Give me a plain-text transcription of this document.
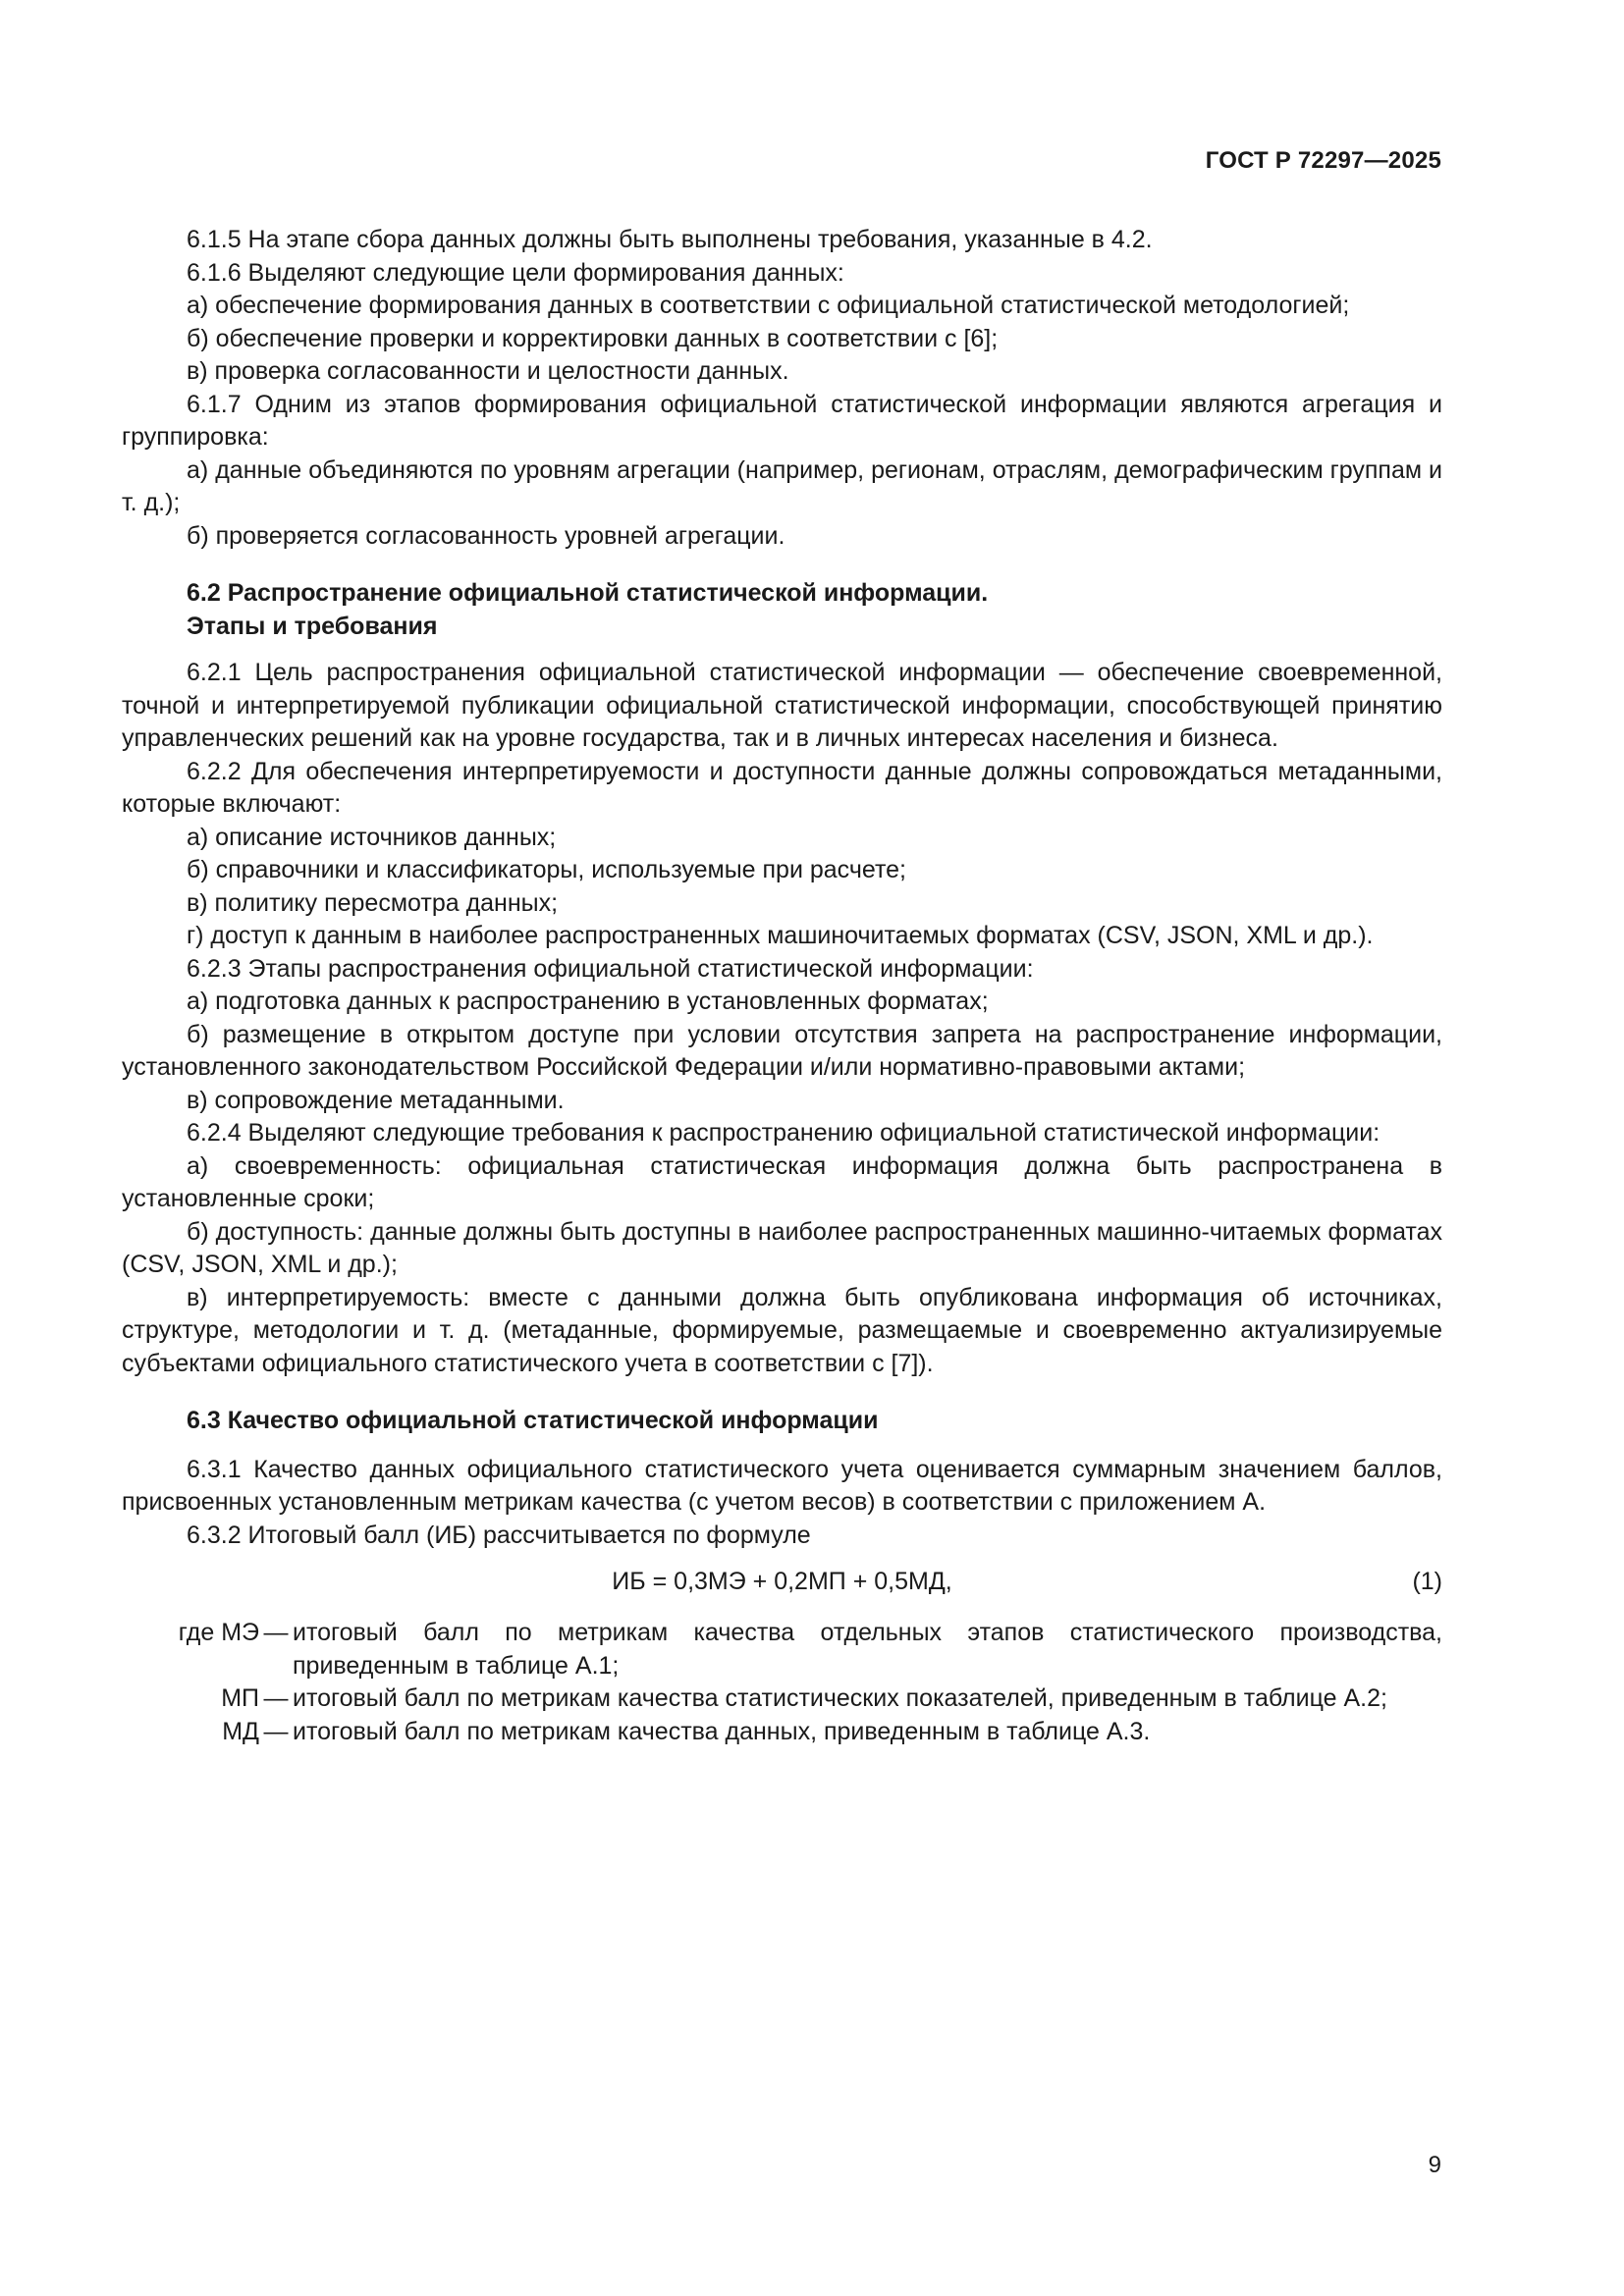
ГОСТ Р 72297—2025

6.1.5 На этапе сбора данных должны быть выполнены требования, указанные в 4.2.

6.1.6 Выделяют следующие цели формирования данных:

а) обеспечение формирования данных в соответствии с официальной статистической методологией;

б) обеспечение проверки и корректировки данных в соответствии с [6];

в) проверка согласованности и целостности данных.

6.1.7 Одним из этапов формирования официальной статистической информации являются агрегация и группировка:

а) данные объединяются по уровням агрегации (например, регионам, отраслям, демографическим группам и т. д.);

б) проверяется согласованность уровней агрегации.

6.2 Распространение официальной статистической информации.
Этапы и требования

6.2.1 Цель распространения официальной статистической информации — обеспечение своевременной, точной и интерпретируемой публикации официальной статистической информации, способствующей принятию управленческих решений как на уровне государства, так и в личных интересах населения и бизнеса.

6.2.2 Для обеспечения интерпретируемости и доступности данные должны сопровождаться метаданными, которые включают:

а) описание источников данных;

б) справочники и классификаторы, используемые при расчете;

в) политику пересмотра данных;

г) доступ к данным в наиболее распространенных машиночитаемых форматах (CSV, JSON, XML и др.).

6.2.3 Этапы распространения официальной статистической информации:

а) подготовка данных к распространению в установленных форматах;

б) размещение в открытом доступе при условии отсутствия запрета на распространение информации, установленного законодательством Российской Федерации и/или нормативно-правовыми актами;

в) сопровождение метаданными.

6.2.4 Выделяют следующие требования к распространению официальной статистической информации:

а) своевременность: официальная статистическая информация должна быть распространена в установленные сроки;

б) доступность: данные должны быть доступны в наиболее распространенных машинно-читаемых форматах (CSV, JSON, XML и др.);

в) интерпретируемость: вместе с данными должна быть опубликована информация об источниках, структуре, методологии и т. д. (метаданные, формируемые, размещаемые и своевременно актуализируемые субъектами официального статистического учета в соответствии с [7]).

6.3 Качество официальной статистической информации

6.3.1 Качество данных официального статистического учета оценивается суммарным значением баллов, присвоенных установленным метрикам качества (с учетом весов) в соответствии с приложением А.

6.3.2 Итоговый балл (ИБ) рассчитывается по формуле

ИБ = 0,3МЭ + 0,2МП + 0,5МД,	(1)
где МЭ — итоговый балл по метрикам качества отдельных этапов статистического производства, приведенным в таблице А.1;
МП — итоговый балл по метрикам качества статистических показателей, приведенным в таблице А.2;
МД — итоговый балл по метрикам качества данных, приведенным в таблице А.3.
9
